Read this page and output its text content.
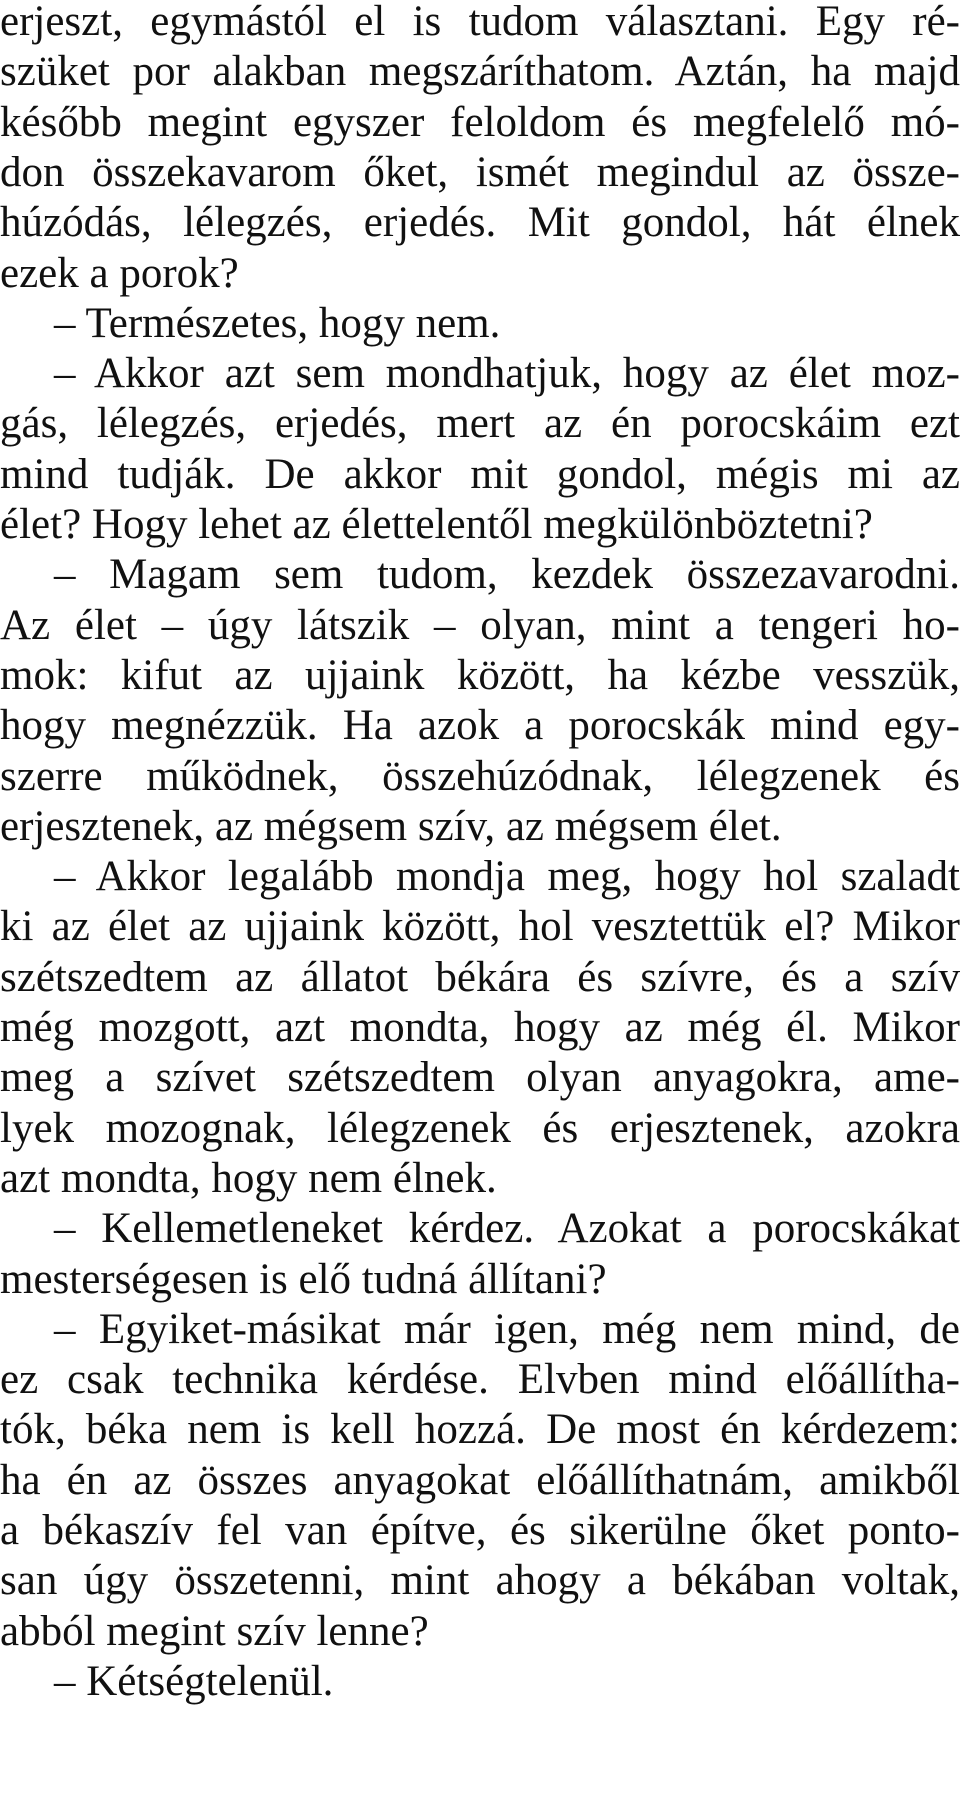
erjeszt, egymástól el is tudom választani. Egy ré-
szüket por alakban megszáríthatom. Aztán, ha majd
később megint egyszer feloldom és megfelelő mó-
don összekavarom őket, ismét megindul az össze-
húzódás, lélegzés, erjedés. Mit gondol, hát élnek
ezek a porok?
– Természetes, hogy nem.
– Akkor azt sem mondhatjuk, hogy az élet moz-
gás, lélegzés, erjedés, mert az én porocskáim ezt
mind tudják. De akkor mit gondol, mégis mi az
élet? Hogy lehet az élettelentől megkülönböztetni?
– Magam sem tudom, kezdek összezavarodni.
Az élet – úgy látszik – olyan, mint a tengeri ho-
mok: kifut az ujjaink között, ha kézbe vesszük,
hogy megnézzük. Ha azok a porocskák mind egy-
szerre működnek, összehúzódnak, lélegzenek és
erjesztenek, az mégsem szív, az mégsem élet.
– Akkor legalább mondja meg, hogy hol szaladt
ki az élet az ujjaink között, hol vesztettük el? Mikor
szétszedtem az állatot békára és szívre, és a szív
még mozgott, azt mondta, hogy az még él. Mikor
meg a szívet szétszedtem olyan anyagokra, ame-
lyek mozognak, lélegzenek és erjesztenek, azokra
azt mondta, hogy nem élnek.
– Kellemetleneket kérdez. Azokat a porocskákat
mesterségesen is elő tudná állítani?
– Egyiket-másikat már igen, még nem mind, de
ez csak technika kérdése. Elvben mind előállítha-
tók, béka nem is kell hozzá. De most én kérdezem:
ha én az összes anyagokat előállíthatnám, amikből
a békaszív fel van építve, és sikerülne őket ponto-
san úgy összetenni, mint ahogy a békában voltak,
abból megint szív lenne?
– Kétségtelenül.
